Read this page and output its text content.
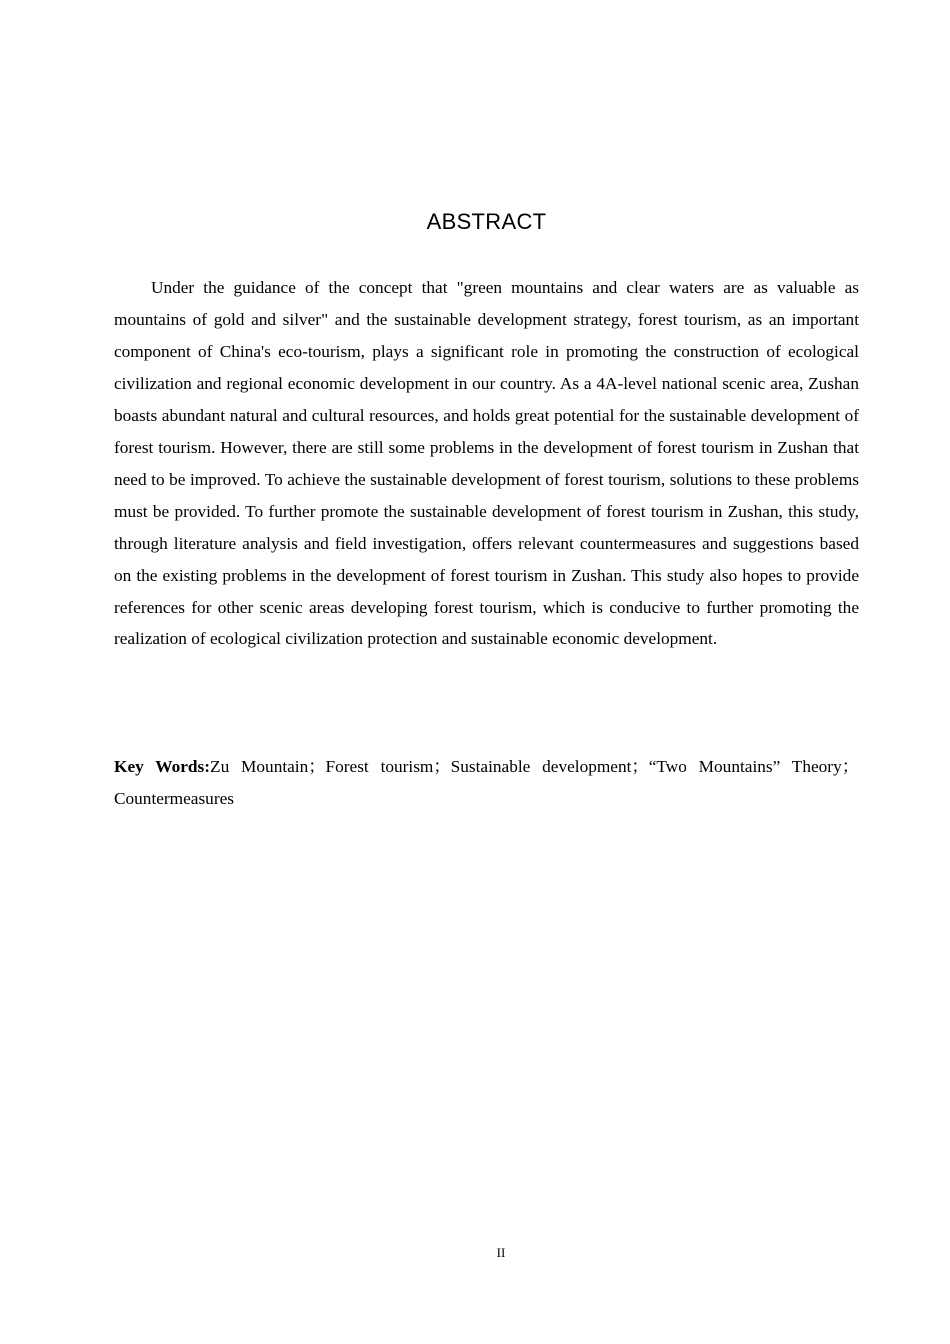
ABSTRACT

Under the guidance of the concept that "green mountains and clear waters are as valuable as mountains of gold and silver" and the sustainable development strategy, forest tourism, as an important component of China's eco-tourism, plays a significant role in promoting the construction of ecological civilization and regional economic development in our country. As a 4A-level national scenic area, Zushan boasts abundant natural and cultural resources, and holds great potential for the sustainable development of forest tourism. However, there are still some problems in the development of forest tourism in Zushan that need to be improved. To achieve the sustainable development of forest tourism, solutions to these problems must be provided. To further promote the sustainable development of forest tourism in Zushan, this study, through literature analysis and field investigation, offers relevant countermeasures and suggestions based on the existing problems in the development of forest tourism in Zushan. This study also hopes to provide references for other scenic areas developing forest tourism, which is conducive to further promoting the realization of ecological civilization protection and sustainable economic development.

Key Words:Zu Mountain；Forest tourism；Sustainable development；“Two Mountains” Theory；Countermeasures

II
